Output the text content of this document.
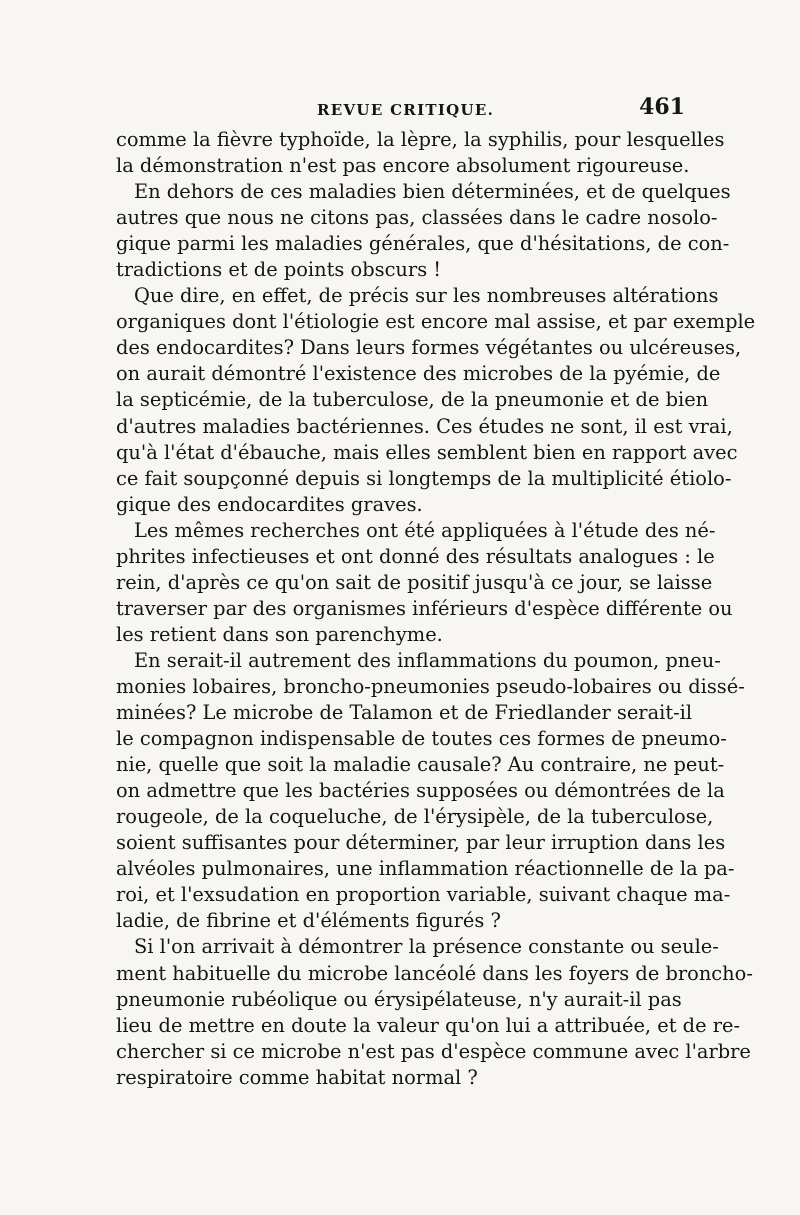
REVUE CRITIQUE.	461
comme la fièvre typhoïde, la lèpre, la syphilis, pour lesquelles
la démonstration n'est pas encore absolument rigoureuse.
En dehors de ces maladies bien déterminées, et de quelques
autres que nous ne citons pas, classées dans le cadre nosolo-
gique parmi les maladies générales, que d'hésitations, de con-
tradictions et de points obscurs !
Que dire, en effet, de précis sur les nombreuses altérations
organiques dont l'étiologie est encore mal assise, et par exemple
des endocardites? Dans leurs formes végétantes ou ulcéreuses,
on aurait démontré l'existence des microbes de la pyémie, de
la septicémie, de la tuberculose, de la pneumonie et de bien
d'autres maladies bactériennes. Ces études ne sont, il est vrai,
qu'à l'état d'ébauche, mais elles semblent bien en rapport avec
ce fait soupçonné depuis si longtemps de la multiplicité étiolo-
gique des endocardites graves.
Les mêmes recherches ont été appliquées à l'étude des né-
phrites infectieuses et ont donné des résultats analogues : le
rein, d'après ce qu'on sait de positif jusqu'à ce jour, se laisse
traverser par des organismes inférieurs d'espèce différente ou
les retient dans son parenchyme.
En serait-il autrement des inflammations du poumon, pneu-
monies lobaires, broncho-pneumonies pseudo-lobaires ou dissé-
minées? Le microbe de Talamon et de Friedlander serait-il
le compagnon indispensable de toutes ces formes de pneumo-
nie, quelle que soit la maladie causale? Au contraire, ne peut-
on admettre que les bactéries supposées ou démontrées de la
rougeole, de la coqueluche, de l'érysipèle, de la tuberculose,
soient suffisantes pour déterminer, par leur irruption dans les
alvéoles pulmonaires, une inflammation réactionnelle de la pa-
roi, et l'exsudation en proportion variable, suivant chaque ma-
ladie, de fibrine et d'éléments figurés ?
Si l'on arrivait à démontrer la présence constante ou seule-
ment habituelle du microbe lancéolé dans les foyers de broncho-
pneumonie rubéolique ou érysipélateuse, n'y aurait-il pas
lieu de mettre en doute la valeur qu'on lui a attribuée, et de re-
chercher si ce microbe n'est pas d'espèce commune avec l'arbre
respiratoire comme habitat normal ?
